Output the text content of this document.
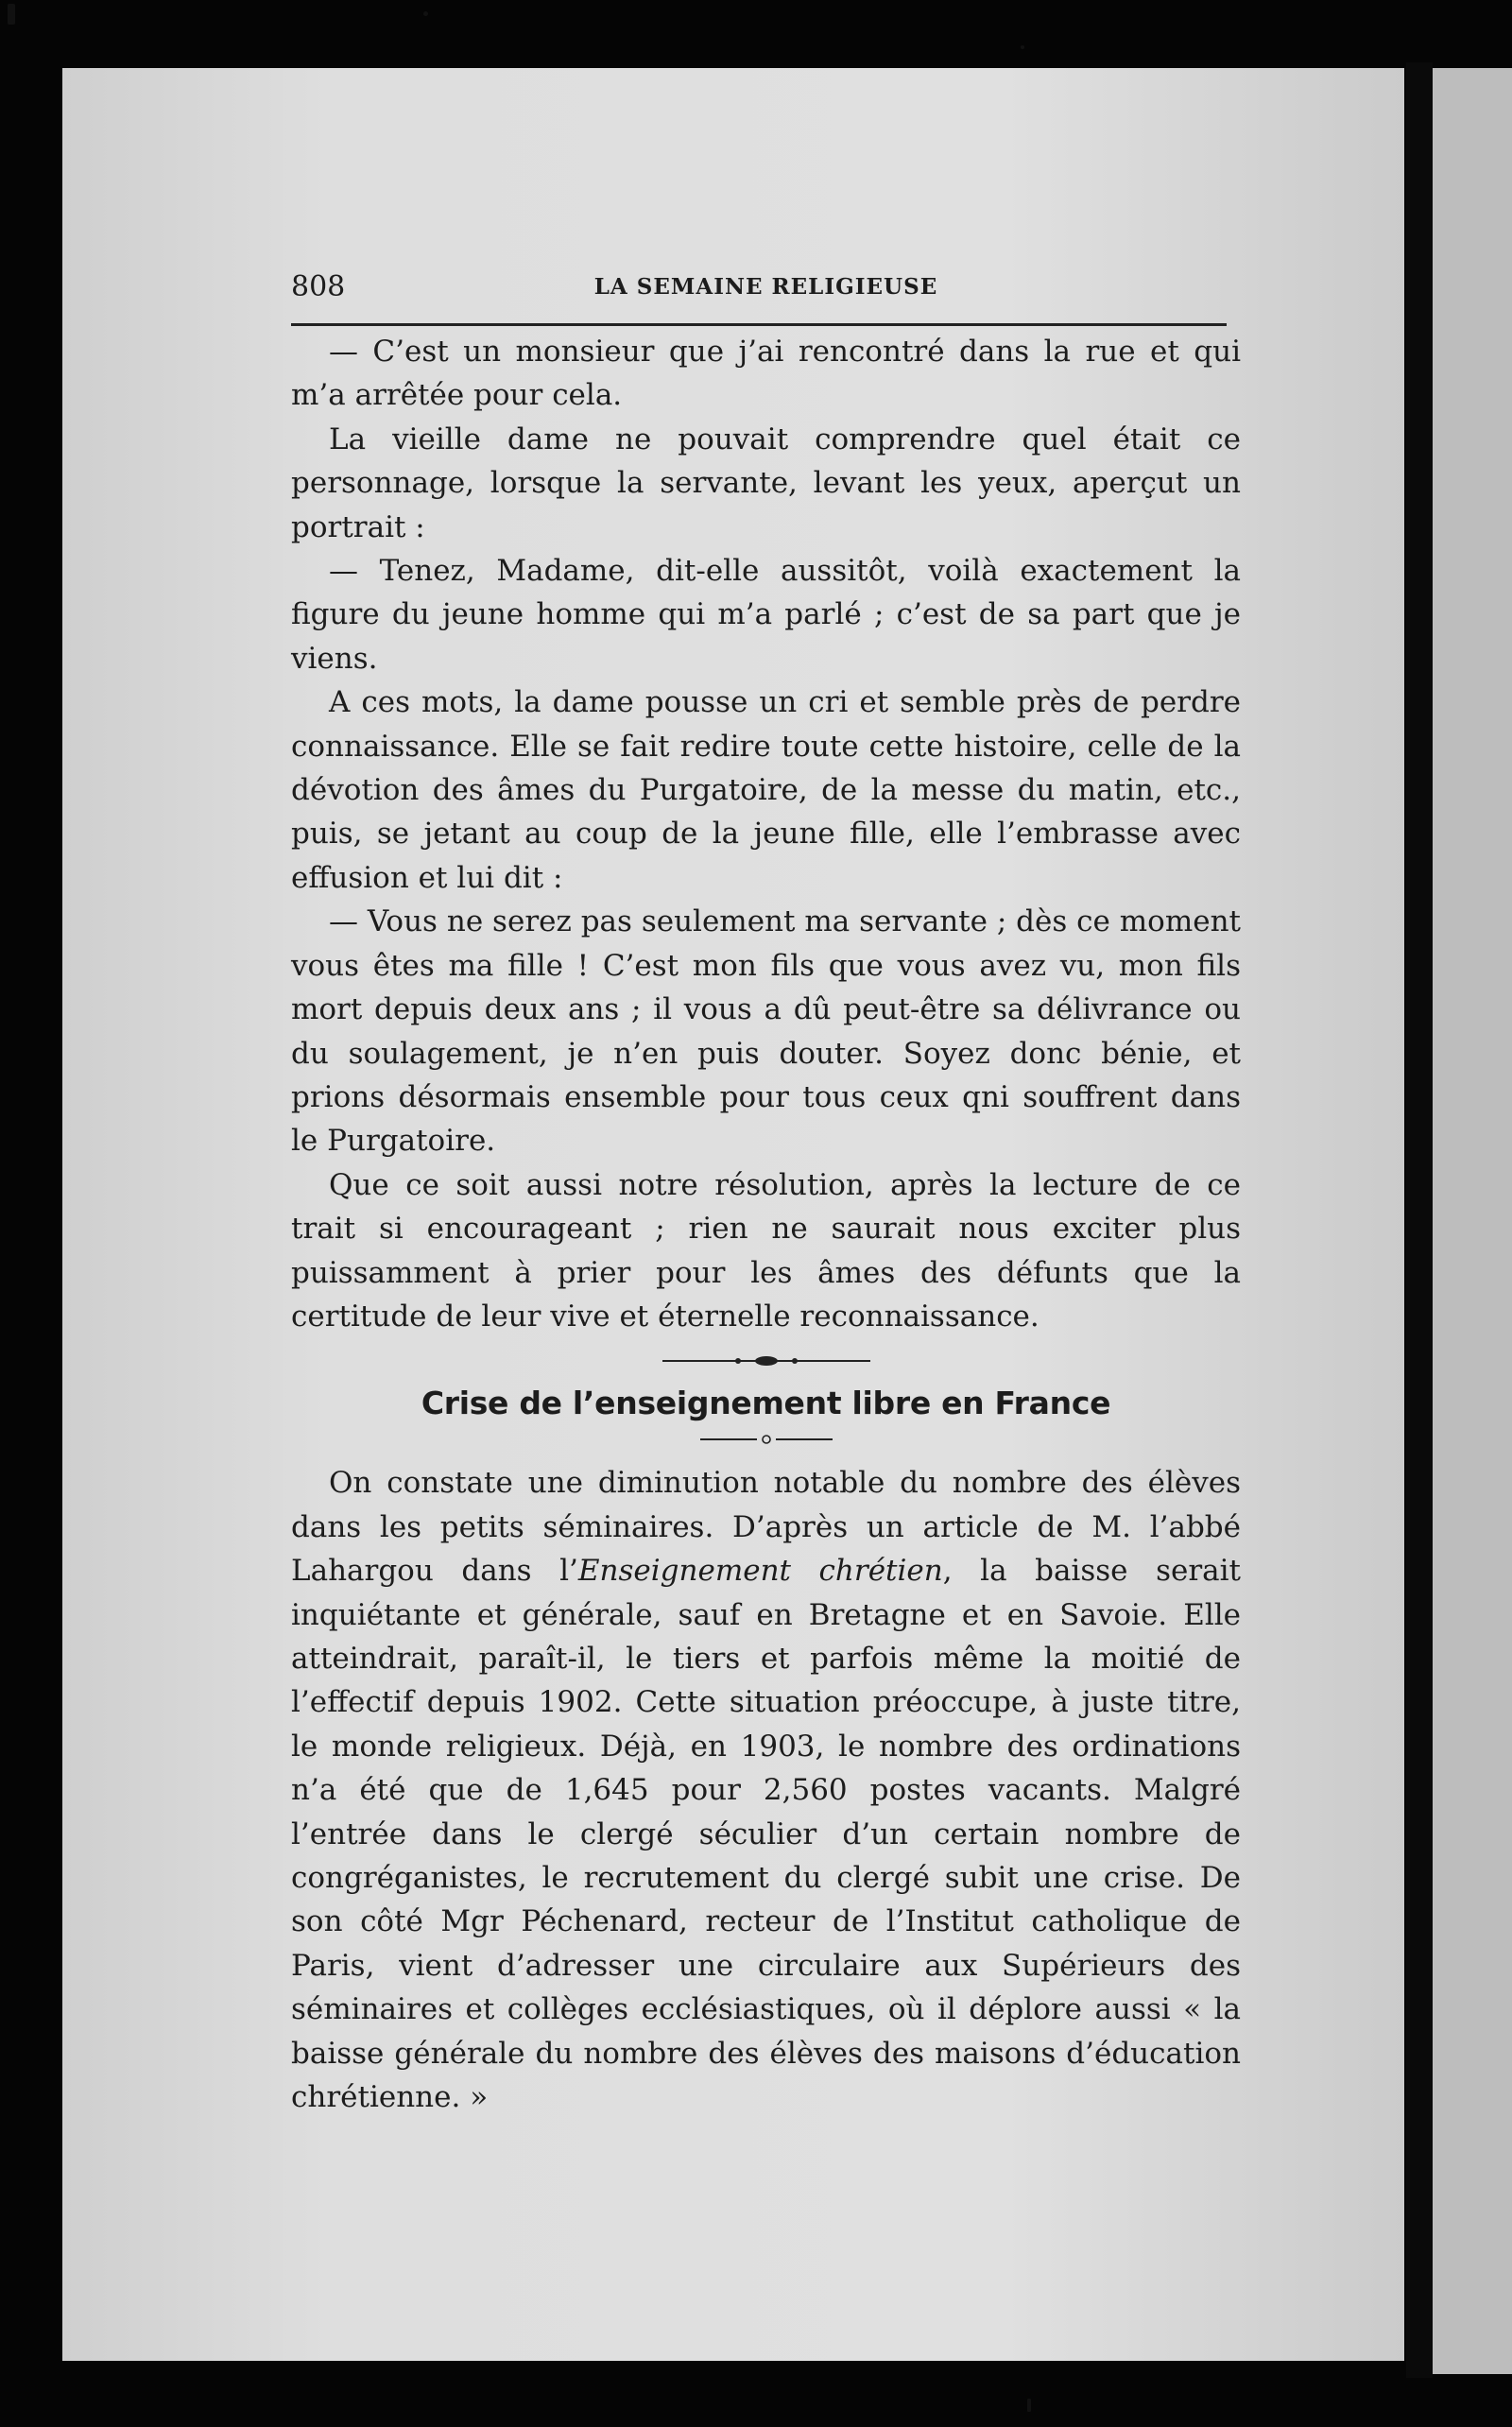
808	LA SEMAINE RELIGIEUSE

— C’est un monsieur que j’ai rencontré dans la rue et qui m’a arrêtée pour cela.

La vieille dame ne pouvait comprendre quel était ce personnage, lorsque la servante, levant les yeux, aperçut un portrait :

— Tenez, Madame, dit-elle aussitôt, voilà exactement la figure du jeune homme qui m’a parlé ; c’est de sa part que je viens.

A ces mots, la dame pousse un cri et semble près de perdre connaissance. Elle se fait redire toute cette histoire, celle de la dévotion des âmes du Purgatoire, de la messe du matin, etc., puis, se jetant au coup de la jeune fille, elle l’embrasse avec effusion et lui dit :

— Vous ne serez pas seulement ma servante ; dès ce moment vous êtes ma fille ! C’est mon fils que vous avez vu, mon fils mort depuis deux ans ; il vous a dû peut-être sa délivrance ou du soulagement, je n’en puis douter. Soyez donc bénie, et prions désormais ensemble pour tous ceux qni souffrent dans le Purgatoire.

Que ce soit aussi notre résolution, après la lecture de ce trait si encourageant ; rien ne saurait nous exciter plus puissamment à prier pour les âmes des défunts que la certitude de leur vive et éternelle reconnaissance.

Crise de l’enseignement libre en France

On constate une diminution notable du nombre des élèves dans les petits séminaires. D’après un article de M. l’abbé Lahargou dans l’Enseignement chrétien, la baisse serait inquiétante et générale, sauf en Bretagne et en Savoie. Elle atteindrait, paraît-il, le tiers et parfois même la moitié de l’effectif depuis 1902. Cette situation préoccupe, à juste titre, le monde religieux. Déjà, en 1903, le nombre des ordinations n’a été que de 1,645 pour 2,560 postes vacants. Malgré l’entrée dans le clergé séculier d’un certain nombre de congréganistes, le recrutement du clergé subit une crise. De son côté Mgr Péchenard, recteur de l’Institut catholique de Paris, vient d’adresser une circulaire aux Supérieurs des séminaires et collèges ecclésiastiques, où il déplore aussi « la baisse générale du nombre des élèves des maisons d’éducation chrétienne. »
